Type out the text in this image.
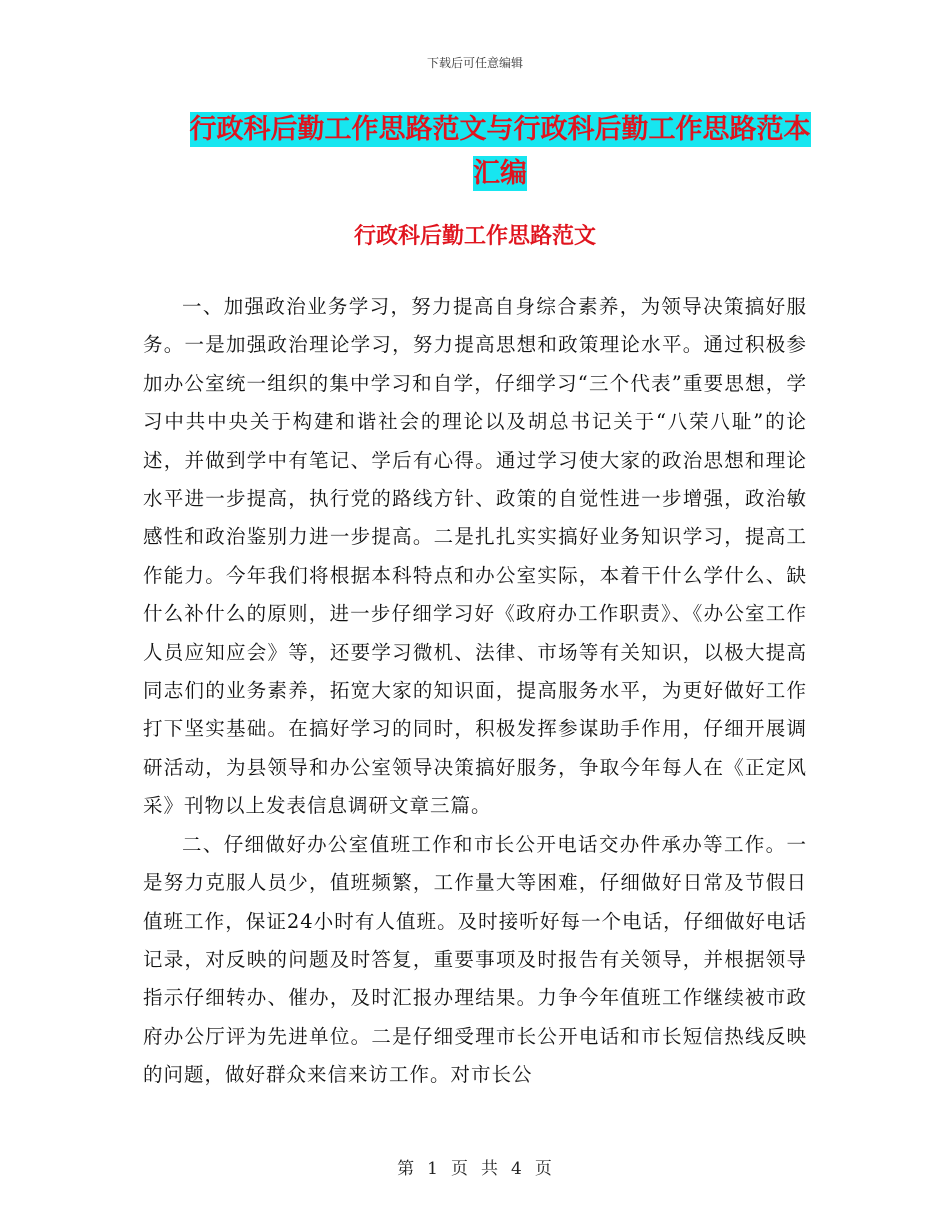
下载后可任意编辑
行政科后勤工作思路范文与行政科后勤工作思路范本汇编
行政科后勤工作思路范文

一、加强政治业务学习，努力提高自身综合素养，为领导决策搞好服务。一是加强政治理论学习，努力提高思想和政策理论水平。通过积极参加办公室统一组织的集中学习和自学，仔细学习“三个代表”重要思想，学习中共中央关于构建和谐社会的理论以及胡总书记关于“八荣八耻”的论述，并做到学中有笔记、学后有心得。通过学习使大家的政治思想和理论水平进一步提高，执行党的路线方针、政策的自觉性进一步增强，政治敏感性和政治鉴别力进一步提高。二是扎扎实实搞好业务知识学习，提高工作能力。今年我们将根据本科特点和办公室实际，本着干什么学什么、缺什么补什么的原则，进一步仔细学习好《政府办工作职责》、《办公室工作人员应知应会》等，还要学习微机、法律、市场等有关知识，以极大提高同志们的业务素养，拓宽大家的知识面，提高服务水平，为更好做好工作打下坚实基础。在搞好学习的同时，积极发挥参谋助手作用，仔细开展调研活动，为县领导和办公室领导决策搞好服务，争取今年每人在《正定风采》刊物以上发表信息调研文章三篇。

二、仔细做好办公室值班工作和市长公开电话交办件承办等工作。一是努力克服人员少，值班频繁，工作量大等困难，仔细做好日常及节假日值班工作，保证24小时有人值班。及时接听好每一个电话，仔细做好电话记录，对反映的问题及时答复，重要事项及时报告有关领导，并根据领导指示仔细转办、催办，及时汇报办理结果。力争今年值班工作继续被市政府办公厅评为先进单位。二是仔细受理市长公开电话和市长短信热线反映的问题，做好群众来信来访工作。对市长公

第 1 页 共 4 页
